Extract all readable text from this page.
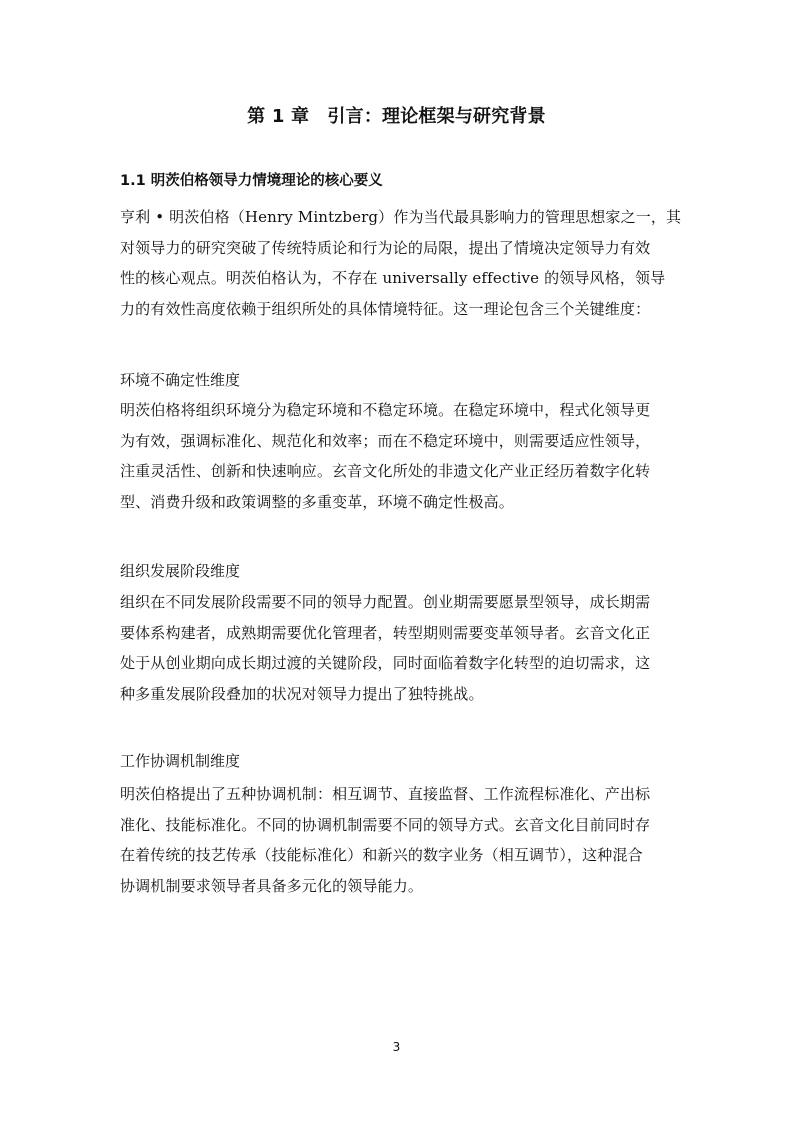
第 1 章　引言：理论框架与研究背景
1.1 明茨伯格领导力情境理论的核心要义
亨利 • 明茨伯格（Henry Mintzberg）作为当代最具影响力的管理思想家之一，其
对领导力的研究突破了传统特质论和行为论的局限，提出了情境决定领导力有效
性的核心观点。明茨伯格认为，不存在 universally effective 的领导风格，领导
力的有效性高度依赖于组织所处的具体情境特征。这一理论包含三个关键维度：
环境不确定性维度
明茨伯格将组织环境分为稳定环境和不稳定环境。在稳定环境中，程式化领导更
为有效，强调标准化、规范化和效率；而在不稳定环境中，则需要适应性领导，
注重灵活性、创新和快速响应。玄音文化所处的非遗文化产业正经历着数字化转
型、消费升级和政策调整的多重变革，环境不确定性极高。
组织发展阶段维度
组织在不同发展阶段需要不同的领导力配置。创业期需要愿景型领导，成长期需
要体系构建者，成熟期需要优化管理者，转型期则需要变革领导者。玄音文化正
处于从创业期向成长期过渡的关键阶段，同时面临着数字化转型的迫切需求，这
种多重发展阶段叠加的状况对领导力提出了独特挑战。
工作协调机制维度
明茨伯格提出了五种协调机制：相互调节、直接监督、工作流程标准化、产出标
准化、技能标准化。不同的协调机制需要不同的领导方式。玄音文化目前同时存
在着传统的技艺传承（技能标准化）和新兴的数字业务（相互调节），这种混合
协调机制要求领导者具备多元化的领导能力。
3
